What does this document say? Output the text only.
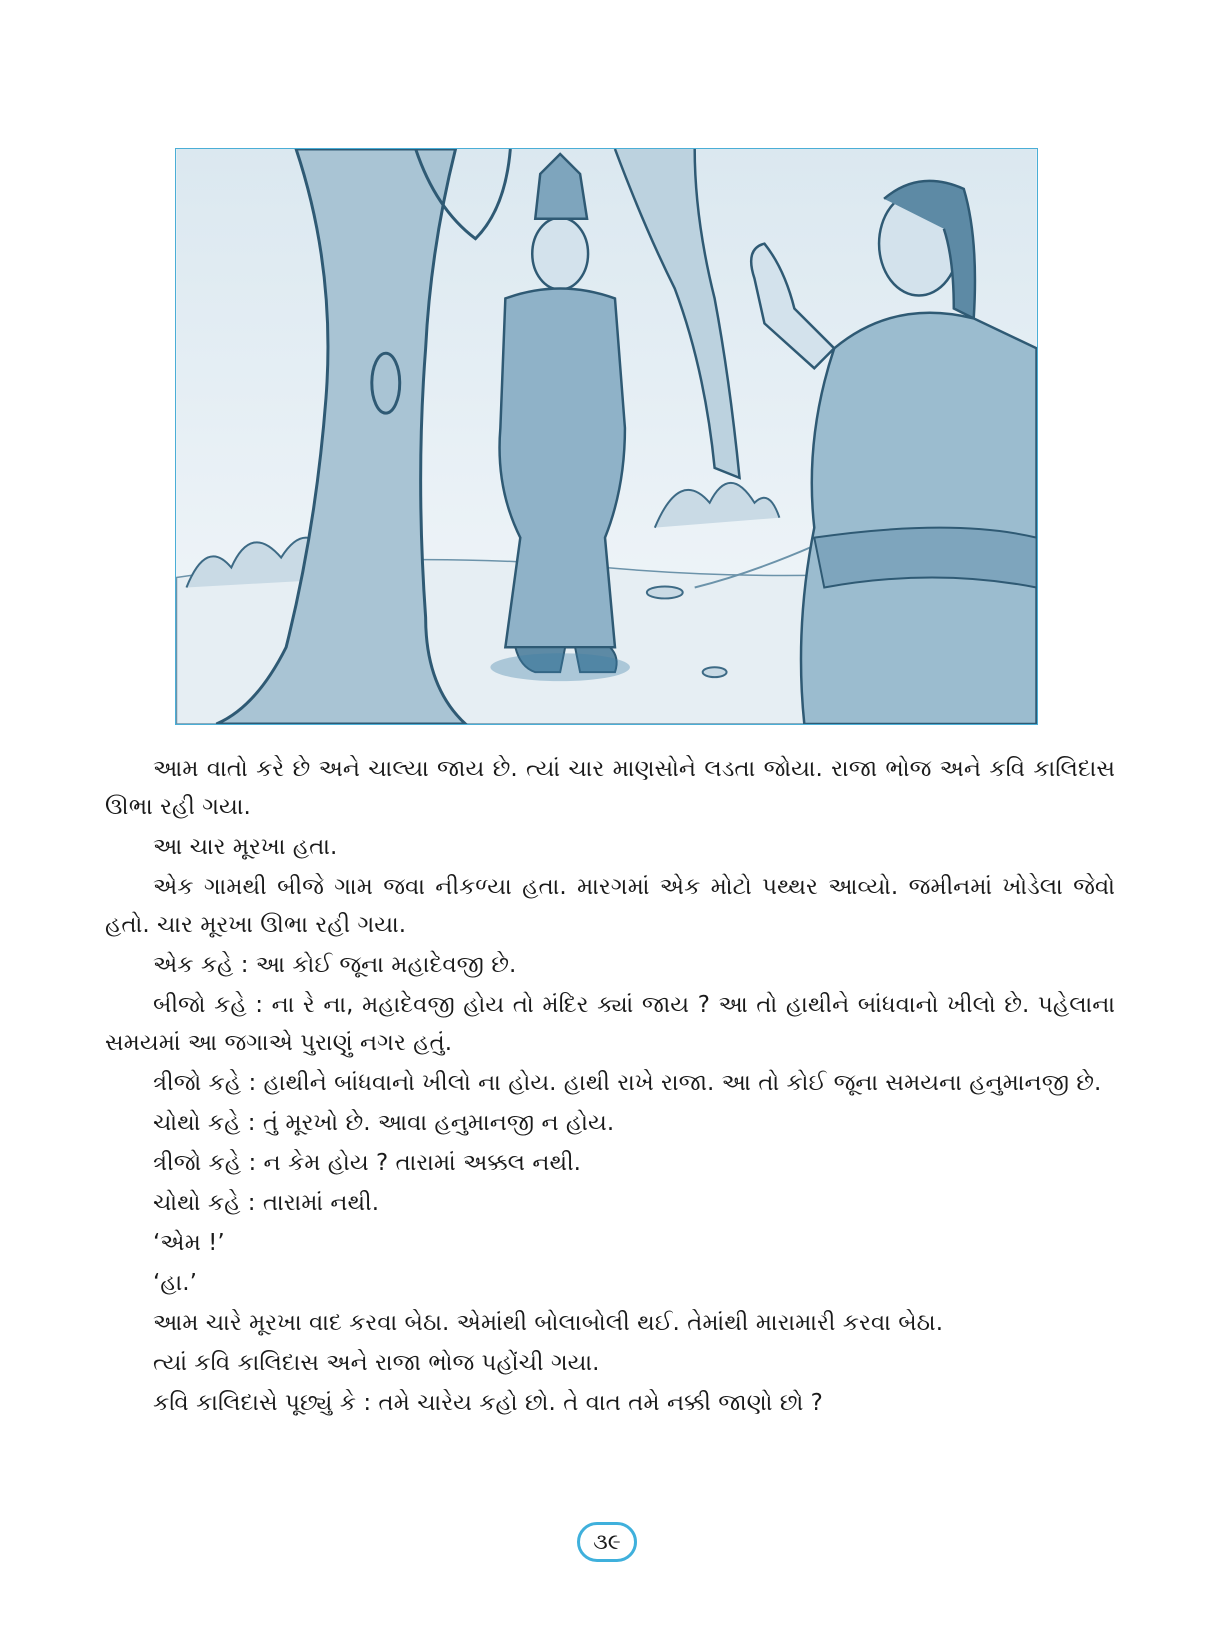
આમ વાતો કરે છે અને ચાલ્યા જાય છે. ત્યાં ચાર માણસોને લડતા જોયા. રાજા ભોજ અને કવિ કાલિદાસ ઊભા રહી ગયા.

આ ચાર મૂરખા હતા.

એક ગામથી બીજે ગામ જવા નીકળ્યા હતા. મારગમાં એક મોટો પથ્થર આવ્યો. જમીનમાં ખોડેલા જેવો હતો. ચાર મૂરખા ઊભા રહી ગયા.

એક કહે : આ કોઈ જૂના મહાદેવજી છે.

બીજો કહે : ના રે ના, મહાદેવજી હોય તો મંદિર ક્યાં જાય ? આ તો હાથીને બાંધવાનો ખીલો છે. પહેલાના સમયમાં આ જગાએ પુરાણું નગર હતું.

ત્રીજો કહે : હાથીને બાંધવાનો ખીલો ના હોય. હાથી રાખે રાજા. આ તો કોઈ જૂના સમયના હનુમાનજી છે.

ચોથો કહે : તું મૂરખો છે. આવા હનુમાનજી ન હોય.

ત્રીજો કહે : ન કેમ હોય ? તારામાં અક્કલ નથી.

ચોથો કહે : તારામાં નથી.

‘એમ !’

‘હા.’

આમ ચારે મૂરખા વાદ કરવા બેઠા. એમાંથી બોલાબોલી થઈ. તેમાંથી મારામારી કરવા બેઠા.

ત્યાં કવિ કાલિદાસ અને રાજા ભોજ પહોંચી ગયા.

કવિ કાલિદાસે પૂછ્યું કે : તમે ચારેય કહો છો. તે વાત તમે નક્કી જાણો છો ?

૩૯
